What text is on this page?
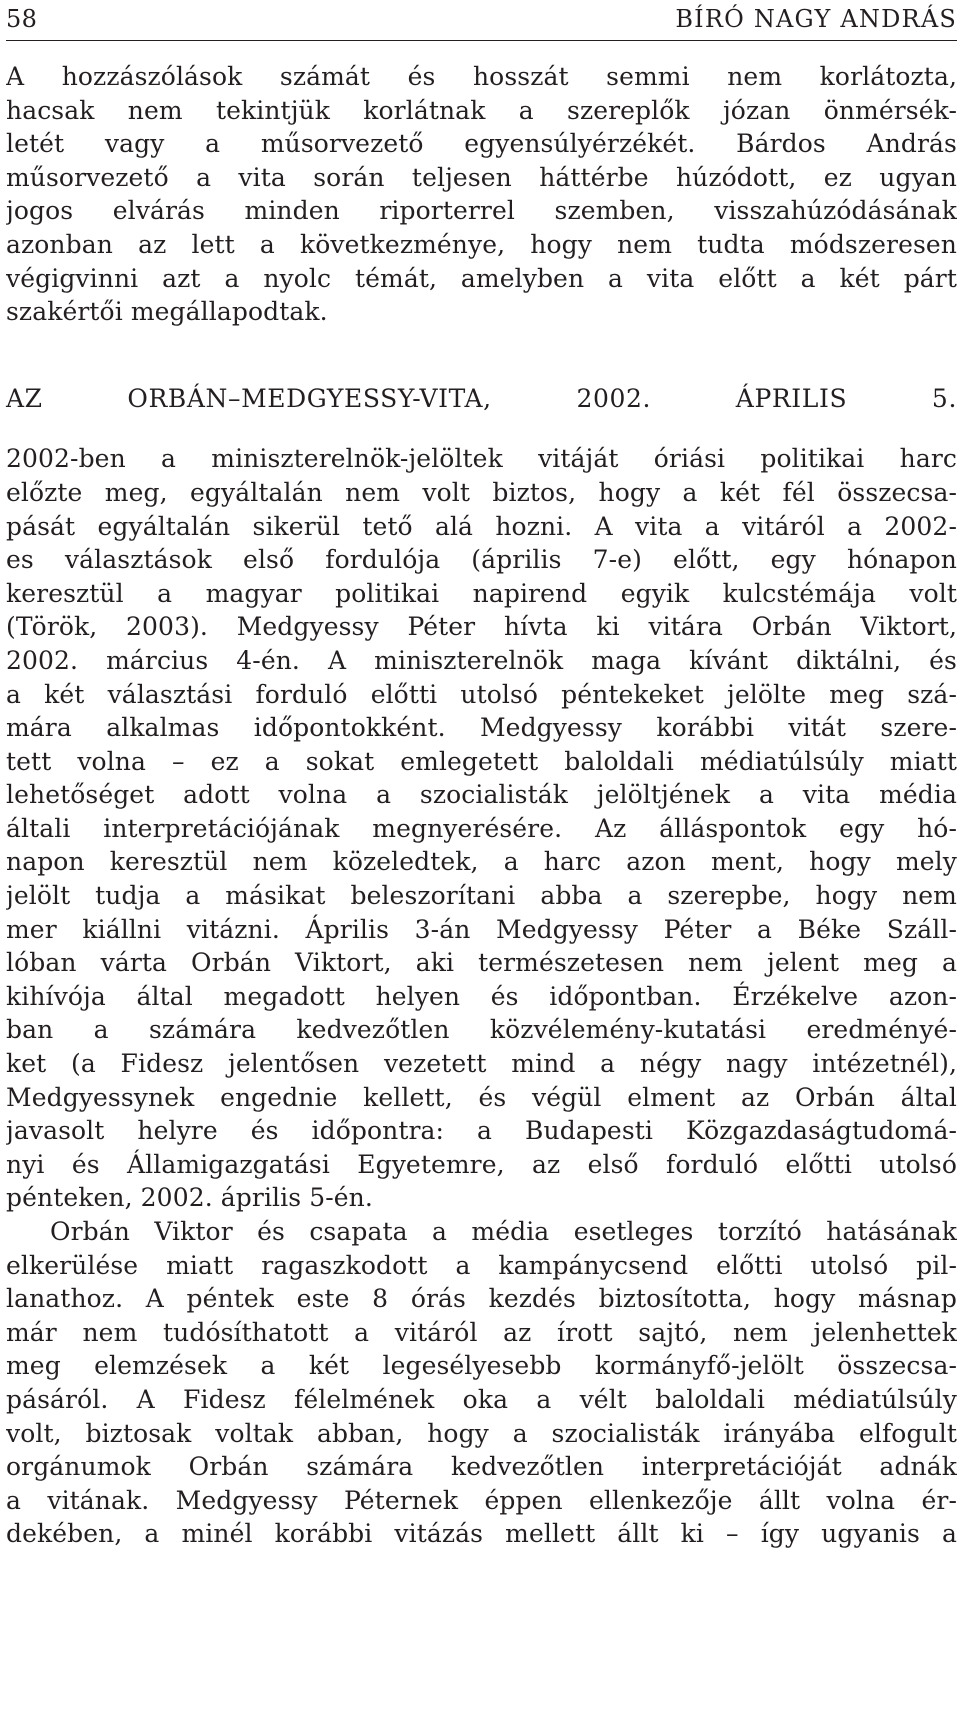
58	BÍRÓ NAGY ANDRÁS

A hozzászólások számát és hosszát semmi nem korlátozta,
hacsak nem tekintjük korlátnak a szereplők józan önmérsék-
letét vagy a műsorvezető egyensúlyérzékét. Bárdos András
műsorvezető a vita során teljesen háttérbe húzódott, ez ugyan
jogos elvárás minden riporterrel szemben, visszahúzódásának
azonban az lett a következménye, hogy nem tudta módszeresen
végigvinni azt a nyolc témát, amelyben a vita előtt a két párt
szakértői megállapodtak.

AZ ORBÁN–MEDGYESSY-VITA, 2002. ÁPRILIS 5.

2002-ben a miniszterelnök-jelöltek vitáját óriási politikai harc
előzte meg, egyáltalán nem volt biztos, hogy a két fél összecsa-
pását egyáltalán sikerül tető alá hozni. A vita a vitáról a 2002-
es választások első fordulója (április 7-e) előtt, egy hónapon
keresztül a magyar politikai napirend egyik kulcstémája volt
(Török, 2003). Medgyessy Péter hívta ki vitára Orbán Viktort,
2002. március 4-én. A miniszterelnök maga kívánt diktálni, és
a két választási forduló előtti utolsó péntekeket jelölte meg szá-
mára alkalmas időpontokként. Medgyessy korábbi vitát szere-
tett volna – ez a sokat emlegetett baloldali médiatúlsúly miatt
lehetőséget adott volna a szocialisták jelöltjének a vita média
általi interpretációjának megnyerésére. Az álláspontok egy hó-
napon keresztül nem közeledtek, a harc azon ment, hogy mely
jelölt tudja a másikat beleszorítani abba a szerepbe, hogy nem
mer kiállni vitázni. Április 3-án Medgyessy Péter a Béke Száll-
lóban várta Orbán Viktort, aki természetesen nem jelent meg a
kihívója által megadott helyen és időpontban. Érzékelve azon-
ban a számára kedvezőtlen közvélemény-kutatási eredményé-
ket (a Fidesz jelentősen vezetett mind a négy nagy intézetnél),
Medgyessynek engednie kellett, és végül elment az Orbán által
javasolt helyre és időpontra: a Budapesti Közgazdaságtudomá-
nyi és Államigazgatási Egyetemre, az első forduló előtti utolsó
pénteken, 2002. április 5-én.

Orbán Viktor és csapata a média esetleges torzító hatásának
elkerülése miatt ragaszkodott a kampánycsend előtti utolsó pil-
lanathoz. A péntek este 8 órás kezdés biztosította, hogy másnap
már nem tudósíthatott a vitáról az írott sajtó, nem jelenhettek
meg elemzések a két legesélyesebb kormányfő-jelölt összecsa-
pásáról. A Fidesz félelmének oka a vélt baloldali médiatúlsúly
volt, biztosak voltak abban, hogy a szocialisták irányába elfogult
orgánumok Orbán számára kedvezőtlen interpretációját adnák
a vitának. Medgyessy Péternek éppen ellenkezője állt volna ér-
dekében, a minél korábbi vitázás mellett állt ki – így ugyanis a
